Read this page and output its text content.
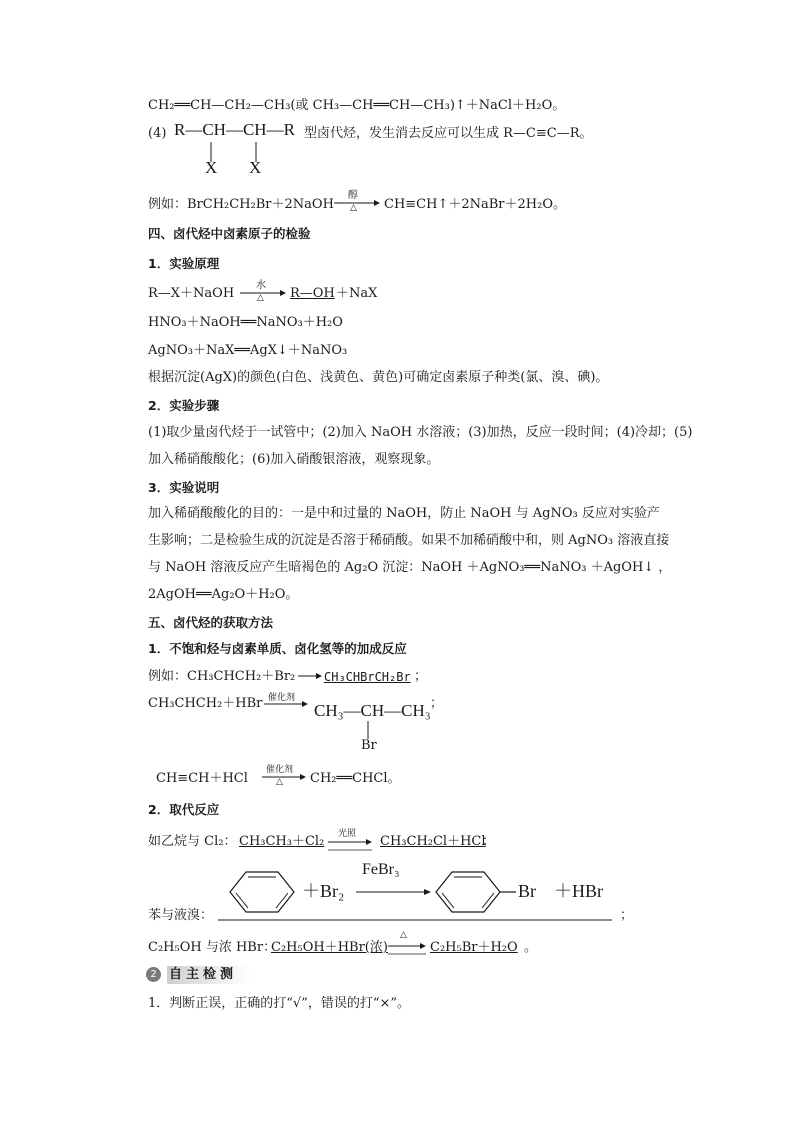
CH₂══CH—CH₂—CH₃(或 CH₃—CH══CH—CH₃)↑＋NaCl＋H₂O。
(4) R—CH—CH—R
X X
型卤代烃，发生消去反应可以生成 R—C≡C—R。
例如：BrCH₂CH₂Br＋2NaOH
醇
△ CH≡CH↑＋2NaBr＋2H₂O。
四、卤代烃中卤素原子的检验
1．实验原理
R—X＋NaOH
水
△ R—OH ＋NaX
HNO₃＋NaOH══NaNO₃＋H₂O
AgNO₃＋NaX══AgX↓＋NaNO₃
根据沉淀(AgX)的颜色(白色、浅黄色、黄色)可确定卤素原子种类(氯、溴、碘)。
2．实验步骤
(1)取少量卤代烃于一试管中；(2)加入 NaOH 水溶液；(3)加热，反应一段时间；(4)冷却；(5)
加入稀硝酸酸化；(6)加入硝酸银溶液，观察现象。
3．实验说明
加入稀硝酸酸化的目的：一是中和过量的 NaOH，防止 NaOH 与 AgNO₃ 反应对实验产
生影响；二是检验生成的沉淀是否溶于稀硝酸。如果不加稀硝酸中和，则 AgNO₃ 溶液直接
与 NaOH 溶液反应产生暗褐色的 Ag₂O 沉淀：NaOH ＋AgNO₃══NaNO₃ ＋AgOH↓ ，
2AgOH══Ag₂O＋H₂O。
五、卤代烃的获取方法
1．不饱和烃与卤素单质、卤化氢等的加成反应
例如：CH₃CHCH₂＋Br₂ CH₃CHBrCH₂Br ；
CH₃CHCH₂＋HBr 催化剂
CH₃—CH—CH₃
Br
；
CH≡CH＋HCl
催化剂
△ CH₂══CHCl。
2．取代反应
如乙烷与 Cl₂： CH₃CH₃＋Cl₂ 光照 CH₃CH₂Cl＋HCl
；
苯与液溴：
＋Br₂
FeBr₃
Br ＋HBr
；
C₂H₅OH 与浓 HBr：
C₂H₅OH＋HBr(浓)
△
C₂H₅Br＋H₂O 。
2 自主检测
1．判断正误，正确的打“√”，错误的打“×”。
